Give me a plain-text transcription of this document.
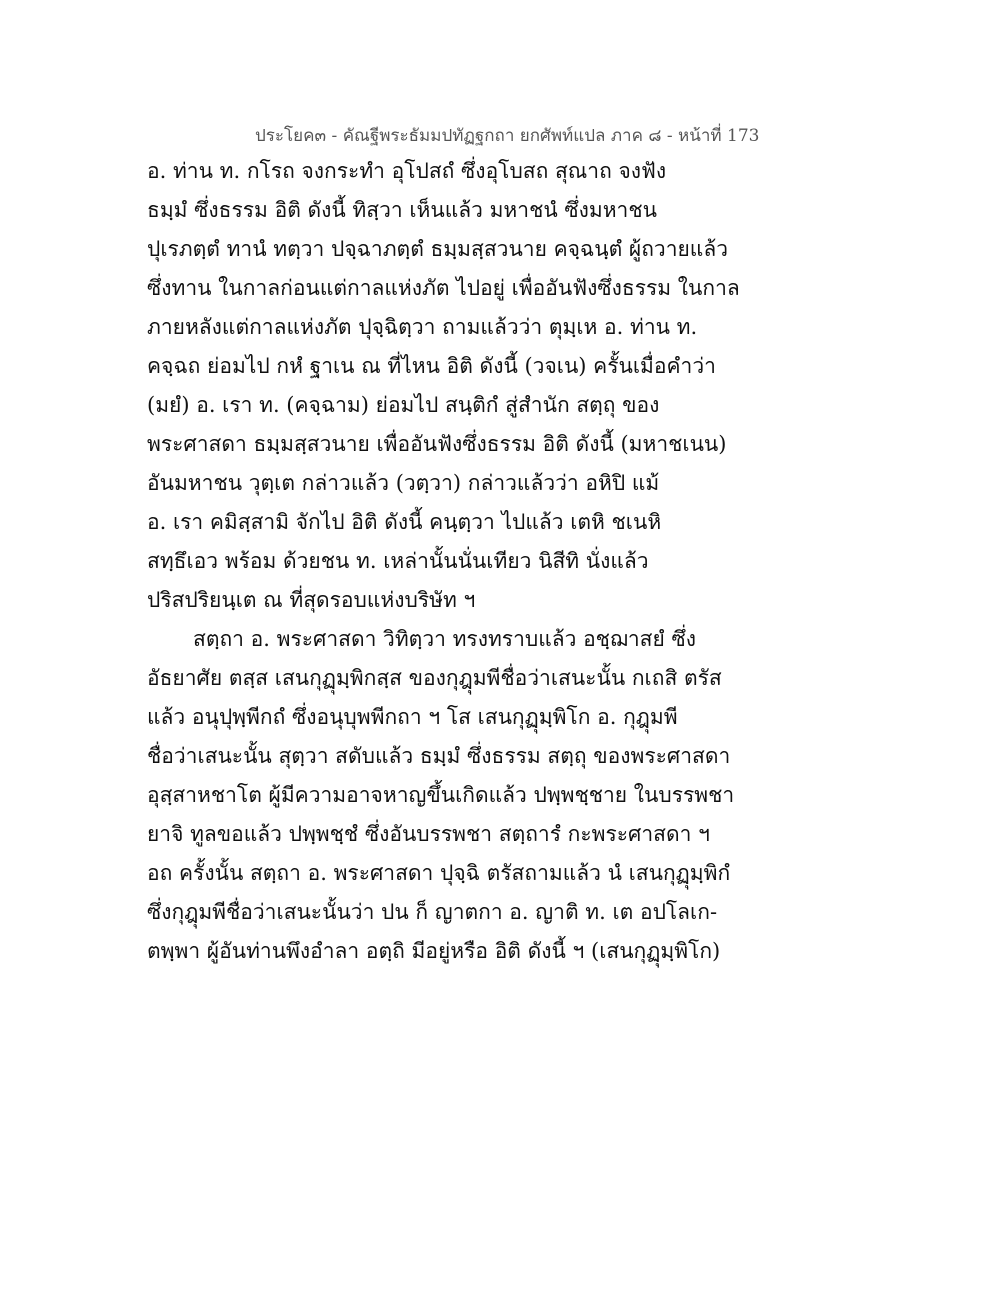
ประโยค๓ - คัณฐีพระธัมมปทัฏฐกถา ยกศัพท์แปล ภาค ๘ - หน้าที่ 173
อ. ท่าน ท. กโรถ จงกระทำ อุโปสถํ ซึ่งอุโบสถ สุณาถ จงฟัง
ธมฺมํ ซึ่งธรรม อิติ ดังนี้ ทิสฺวา เห็นแล้ว มหาชนํ ซึ่งมหาชน
ปุเรภตฺตํ ทานํ ทตฺวา ปจฺฉาภตฺตํ ธมฺมสฺสวนาย คจฺฉนฺตํ ผู้ถวายแล้ว
ซึ่งทาน ในกาลก่อนแต่กาลแห่งภัต ไปอยู่ เพื่ออันฟังซึ่งธรรม ในกาล
ภายหลังแต่กาลแห่งภัต ปุจฺฉิตฺวา ถามแล้วว่า ตุมฺเห อ. ท่าน ท.
คจฺฉถ ย่อมไป กหํ ฐาเน ณ ที่ไหน อิติ ดังนี้ (วจเน) ครั้นเมื่อคำว่า
(มยํ) อ. เรา ท. (คจฺฉาม) ย่อมไป สนฺติกํ สู่สำนัก สตฺถุ ของ
พระศาสดา ธมฺมสฺสวนาย เพื่ออันฟังซึ่งธรรม อิติ ดังนี้ (มหาชเนน)
อันมหาชน วุตฺเต กล่าวแล้ว (วตฺวา) กล่าวแล้วว่า อหิปิ แม้
อ. เรา คมิสฺสามิ จักไป อิติ ดังนี้ คนฺตฺวา ไปแล้ว เตหิ ชเนหิ
สทฺธึเอว พร้อม ด้วยชน ท. เหล่านั้นนั่นเทียว นิสีทิ นั่งแล้ว
ปริสปริยนฺเต ณ ที่สุดรอบแห่งบริษัท ฯ
สตฺถา อ. พระศาสดา วิทิตฺวา ทรงทราบแล้ว อชฺฌาสยํ ซึ่ง
อัธยาศัย ตสฺส เสนกุฏุมฺพิกสฺส ของกุฎุมพีชื่อว่าเสนะนั้น กเถสิ ตรัส
แล้ว อนุปุพฺพีกถํ ซึ่งอนุบุพพีกถา ฯ โส เสนกุฏุมฺพิโก อ. กุฎุมพี
ชื่อว่าเสนะนั้น สุตฺวา สดับแล้ว ธมฺมํ ซึ่งธรรม สตฺถุ ของพระศาสดา
อุสฺสาหชาโต ผู้มีความอาจหาญขึ้นเกิดแล้ว ปพฺพชฺชาย ในบรรพชา
ยาจิ ทูลขอแล้ว ปพฺพชฺชํ ซึ่งอันบรรพชา สตฺถารํ กะพระศาสดา ฯ
อถ ครั้งนั้น สตฺถา อ. พระศาสดา ปุจฺฉิ ตรัสถามแล้ว นํ เสนกุฏุมฺพิกํ
ซึ่งกุฎุมพีชื่อว่าเสนะนั้นว่า ปน ก็ ญาตกา อ. ญาติ ท. เต อปโลเก-
ตพฺพา ผู้อันท่านพึงอำลา อตฺถิ มีอยู่หรือ อิติ ดังนี้ ฯ (เสนกุฏุมฺพิโก)
